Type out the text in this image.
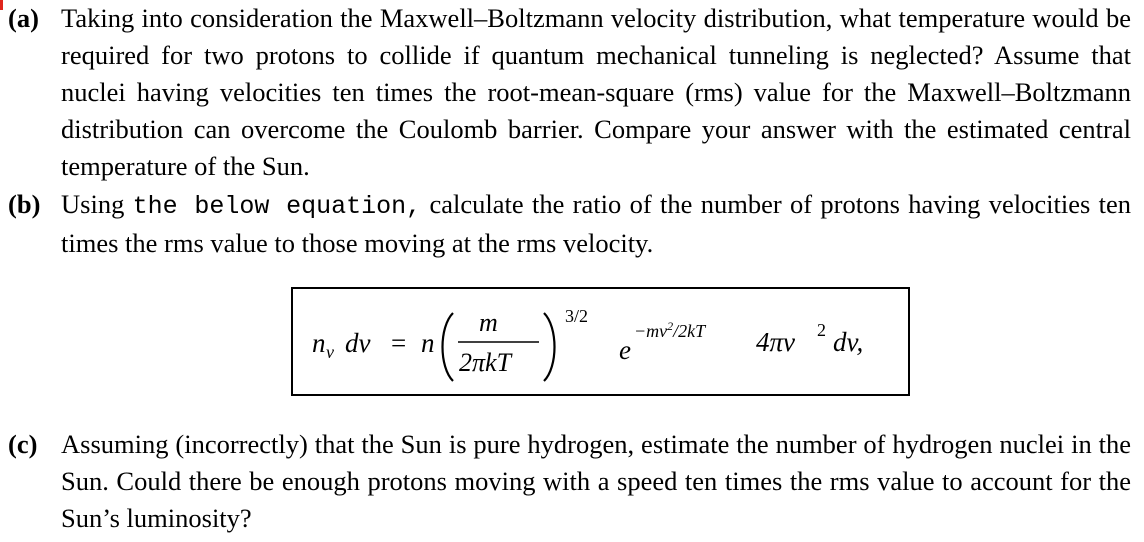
(a) Taking into consideration the Maxwell–Boltzmann velocity distribution, what temperature would be required for two protons to collide if quantum mechanical tunneling is neglected? Assume that nuclei having velocities ten times the root-mean-square (rms) value for the Maxwell–Boltzmann distribution can overcome the Coulomb barrier. Compare your answer with the estimated central temperature of the Sun.
(b) Using the below equation, calculate the ratio of the number of protons having velocities ten times the rms value to those moving at the rms velocity.
n v dv = n
m
2πkT
3/2
e
$-mv^2/2kT$ 4πv 2 dv,
(c) Assuming (incorrectly) that the Sun is pure hydrogen, estimate the number of hydrogen nuclei in the Sun. Could there be enough protons moving with a speed ten times the rms value to account for the Sun’s luminosity?
